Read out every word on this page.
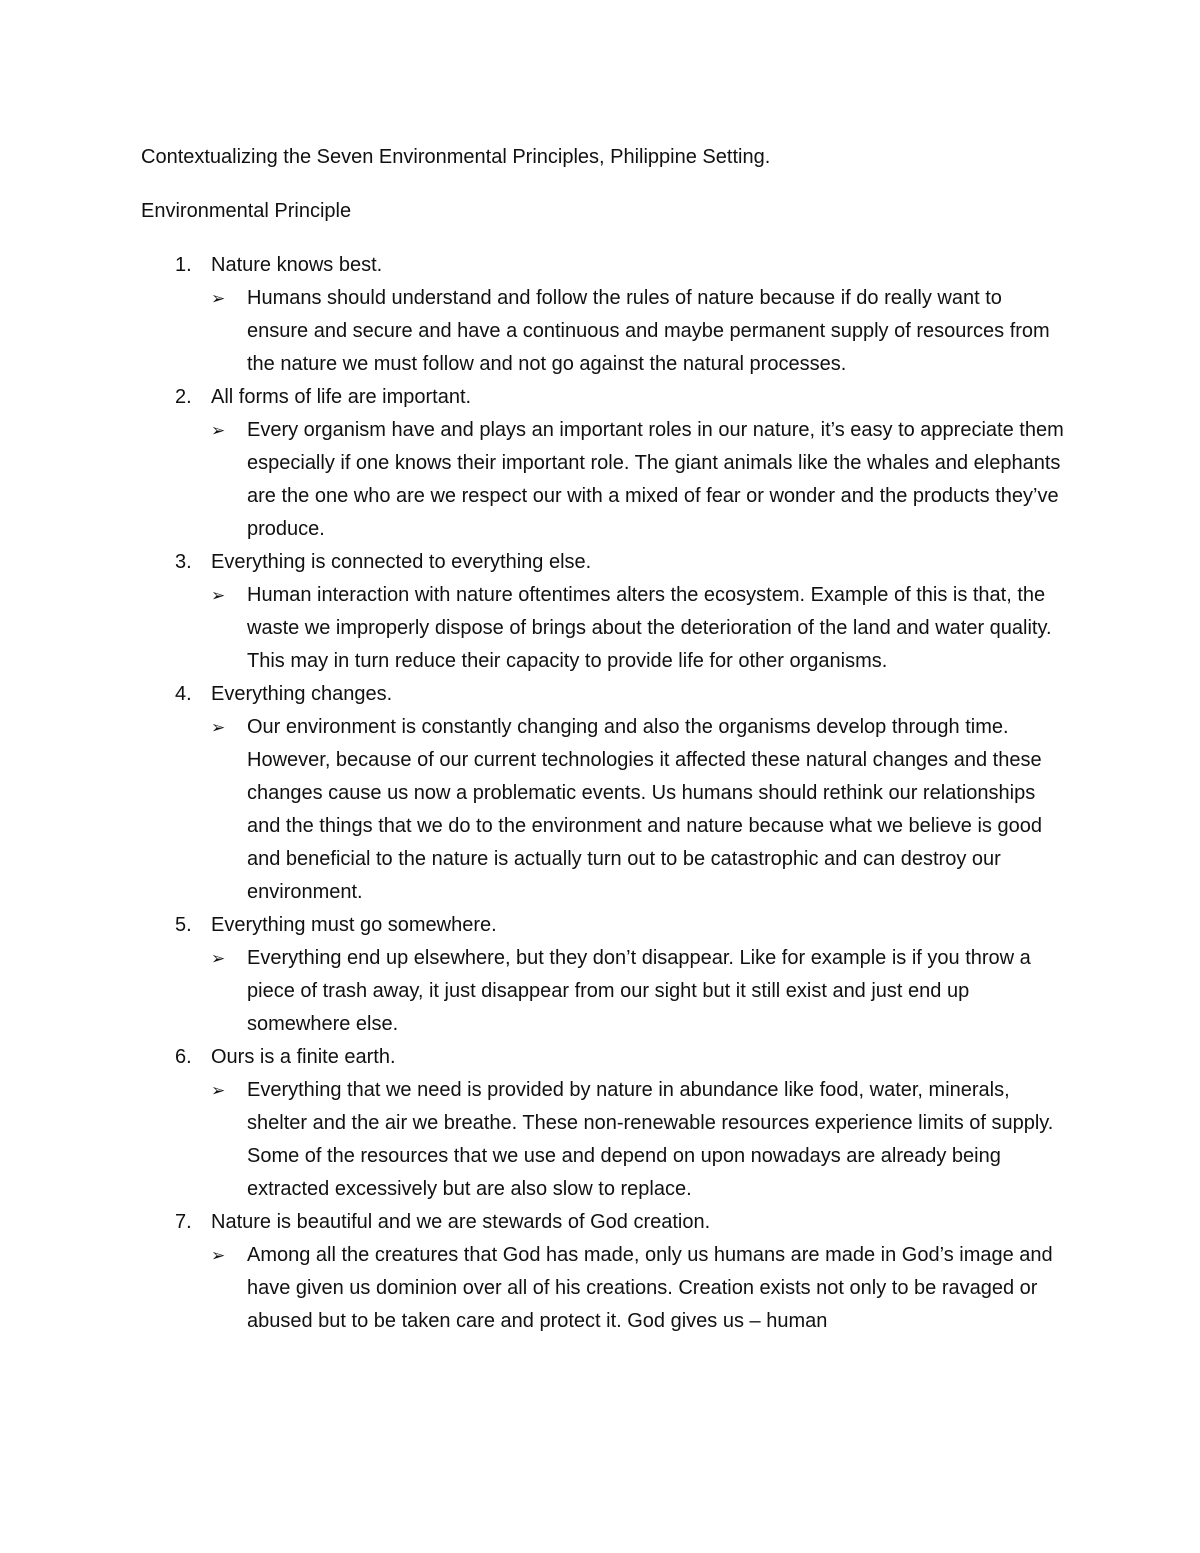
Contextualizing the Seven Environmental Principles, Philippine Setting.

Environmental Principle

1. Nature knows best.

➢	Humans should understand and follow the rules of nature because if do really want to ensure and secure and have a continuous and maybe permanent supply of resources from the nature we must follow and not go against the natural processes.

2. All forms of life are important.

➢	Every organism have and plays an important roles in our nature, it’s easy to appreciate them especially if one knows their important role. The giant animals like the whales and elephants are the one who are we respect our with a mixed of fear or wonder and the products they’ve produce.

3. Everything is connected to everything else.

➢	Human interaction with nature oftentimes alters the ecosystem. Example of this is that, the waste we improperly dispose of brings about the deterioration of the land and water quality. This may in turn reduce their capacity to provide life for other organisms.

4. Everything changes.

➢	Our environment is constantly changing and also the organisms develop through time. However, because of our current technologies it affected these natural changes and these changes cause us now a problematic events. Us humans should rethink our relationships and the things that we do to the environment and nature because what we believe is good and beneficial to the nature is actually turn out to be catastrophic and can destroy our environment.

5. Everything must go somewhere.

➢	Everything end up elsewhere, but they don’t disappear. Like for example is if you throw a piece of trash away, it just disappear from our sight but it still exist and just end up somewhere else.

6. Ours is a finite earth.

➢	Everything that we need is provided by nature in abundance like food, water, minerals, shelter and the air we breathe. These non-renewable resources experience limits of supply. Some of the resources that we use and depend on upon nowadays are already being extracted excessively but are also slow to replace.

7. Nature is beautiful and we are stewards of God creation.

➢	Among all the creatures that God has made, only us humans are made in God’s image and have given us dominion over all of his creations. Creation exists not only to be ravaged or abused but to be taken care and protect it. God gives us – human
